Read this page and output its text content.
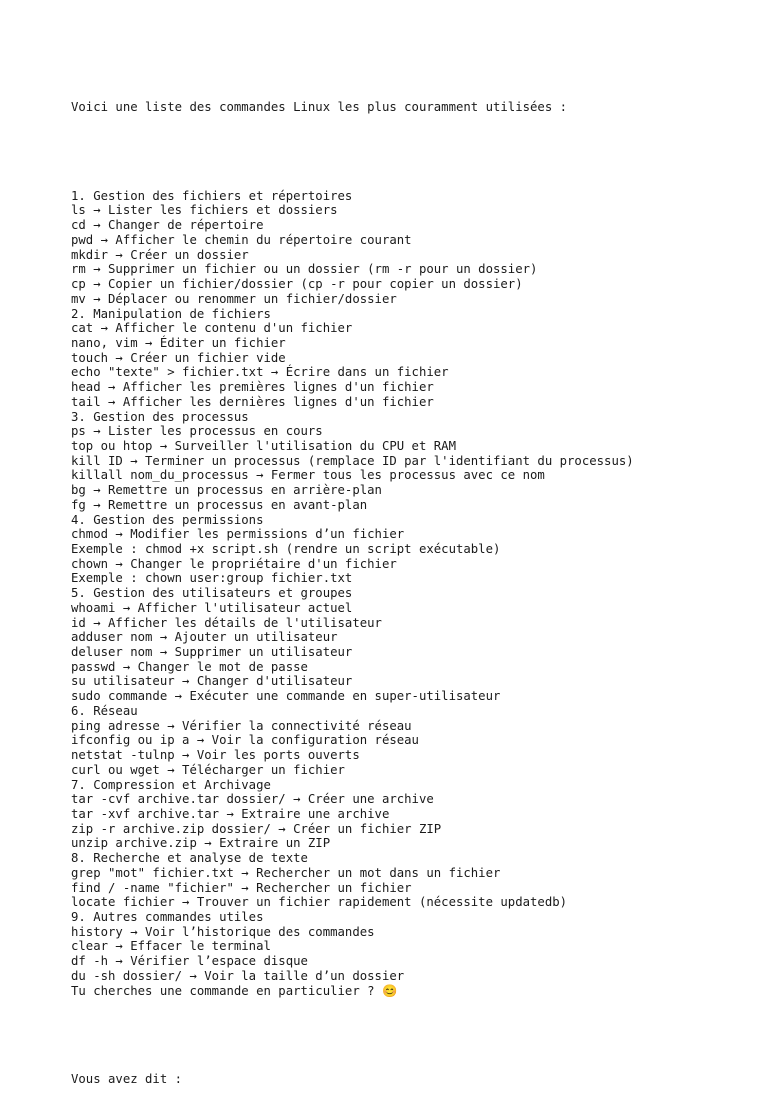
Voici une liste des commandes Linux les plus couramment utilisées :

1. Gestion des fichiers et répertoires
ls → Lister les fichiers et dossiers
cd → Changer de répertoire
pwd → Afficher le chemin du répertoire courant
mkdir → Créer un dossier
rm → Supprimer un fichier ou un dossier (rm -r pour un dossier)
cp → Copier un fichier/dossier (cp -r pour copier un dossier)
mv → Déplacer ou renommer un fichier/dossier
2. Manipulation de fichiers
cat → Afficher le contenu d'un fichier
nano, vim → Éditer un fichier
touch → Créer un fichier vide
echo "texte" > fichier.txt → Écrire dans un fichier
head → Afficher les premières lignes d'un fichier
tail → Afficher les dernières lignes d'un fichier
3. Gestion des processus
ps → Lister les processus en cours
top ou htop → Surveiller l'utilisation du CPU et RAM
kill ID → Terminer un processus (remplace ID par l'identifiant du processus)
killall nom_du_processus → Fermer tous les processus avec ce nom
bg → Remettre un processus en arrière-plan
fg → Remettre un processus en avant-plan
4. Gestion des permissions
chmod → Modifier les permissions d’un fichier
Exemple : chmod +x script.sh (rendre un script exécutable)
chown → Changer le propriétaire d'un fichier
Exemple : chown user:group fichier.txt
5. Gestion des utilisateurs et groupes
whoami → Afficher l'utilisateur actuel
id → Afficher les détails de l'utilisateur
adduser nom → Ajouter un utilisateur
deluser nom → Supprimer un utilisateur
passwd → Changer le mot de passe
su utilisateur → Changer d'utilisateur
sudo commande → Exécuter une commande en super-utilisateur
6. Réseau
ping adresse → Vérifier la connectivité réseau
ifconfig ou ip a → Voir la configuration réseau
netstat -tulnp → Voir les ports ouverts
curl ou wget → Télécharger un fichier
7. Compression et Archivage
tar -cvf archive.tar dossier/ → Créer une archive
tar -xvf archive.tar → Extraire une archive
zip -r archive.zip dossier/ → Créer un fichier ZIP
unzip archive.zip → Extraire un ZIP
8. Recherche et analyse de texte
grep "mot" fichier.txt → Rechercher un mot dans un fichier
find / -name "fichier" → Rechercher un fichier
locate fichier → Trouver un fichier rapidement (nécessite updatedb)
9. Autres commandes utiles
history → Voir l’historique des commandes
clear → Effacer le terminal
df -h → Vérifier l’espace disque
du -sh dossier/ → Voir la taille d’un dossier
Tu cherches une commande en particulier ? 😊

Vous avez dit :
